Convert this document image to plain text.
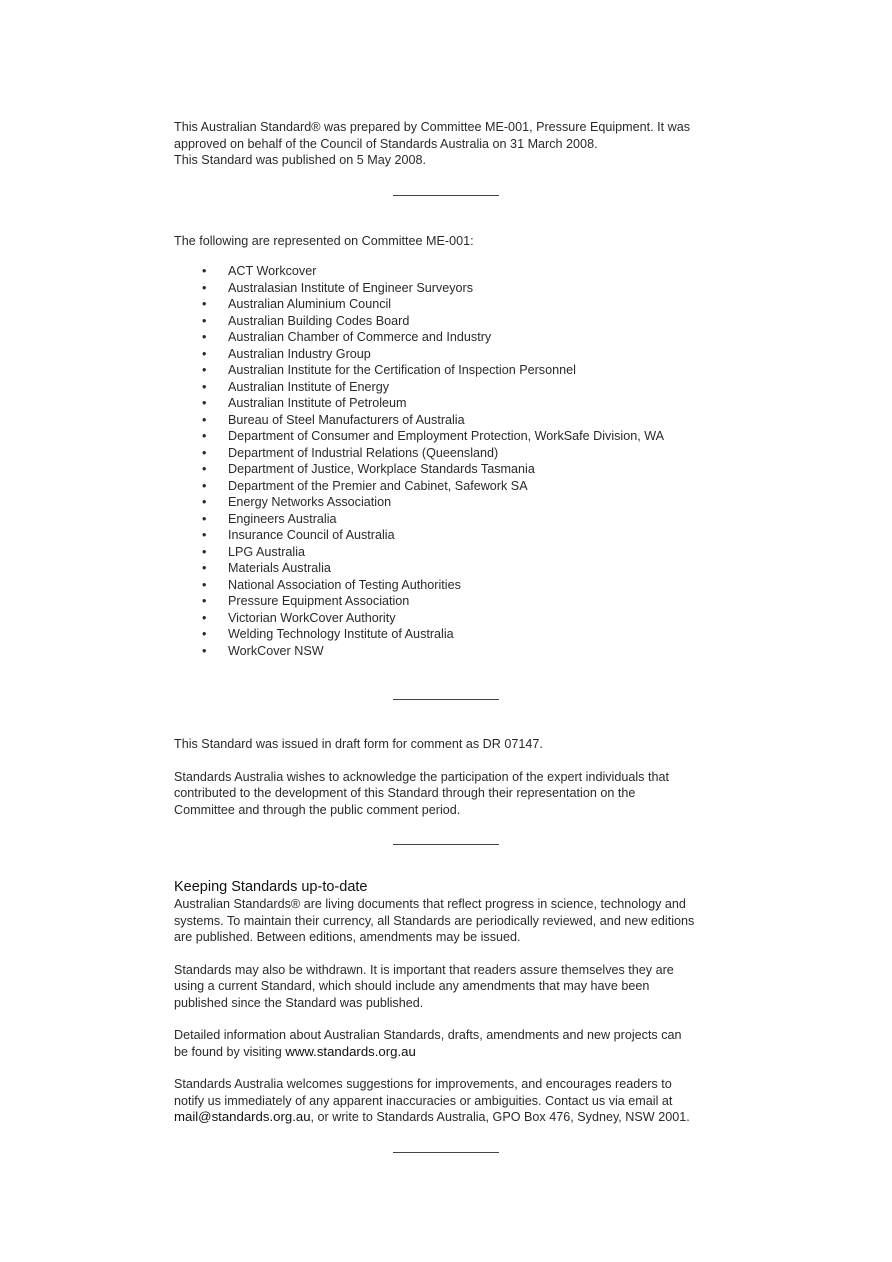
This Australian Standard® was prepared by Committee ME-001, Pressure Equipment. It was
approved on behalf of the Council of Standards Australia on 31 March 2008.
This Standard was published on 5 May 2008.

The following are represented on Committee ME-001:

• ACT Workcover
• Australasian Institute of Engineer Surveyors
• Australian Aluminium Council
• Australian Building Codes Board
• Australian Chamber of Commerce and Industry
• Australian Industry Group
• Australian Institute for the Certification of Inspection Personnel
• Australian Institute of Energy
• Australian Institute of Petroleum
• Bureau of Steel Manufacturers of Australia
• Department of Consumer and Employment Protection, WorkSafe Division, WA
• Department of Industrial Relations (Queensland)
• Department of Justice, Workplace Standards Tasmania
• Department of the Premier and Cabinet, Safework SA
• Energy Networks Association
• Engineers Australia
• Insurance Council of Australia
• LPG Australia
• Materials Australia
• National Association of Testing Authorities
• Pressure Equipment Association
• Victorian WorkCover Authority
• Welding Technology Institute of Australia
• WorkCover NSW

This Standard was issued in draft form for comment as DR 07147.

Standards Australia wishes to acknowledge the participation of the expert individuals that
contributed to the development of this Standard through their representation on the
Committee and through the public comment period.

Keeping Standards up-to-date

Australian Standards® are living documents that reflect progress in science, technology and
systems. To maintain their currency, all Standards are periodically reviewed, and new editions
are published. Between editions, amendments may be issued.

Standards may also be withdrawn. It is important that readers assure themselves they are
using a current Standard, which should include any amendments that may have been
published since the Standard was published.

Detailed information about Australian Standards, drafts, amendments and new projects can
be found by visiting www.standards.org.au

Standards Australia welcomes suggestions for improvements, and encourages readers to
notify us immediately of any apparent inaccuracies or ambiguities. Contact us via email at
mail@standards.org.au, or write to Standards Australia, GPO Box 476, Sydney, NSW 2001.
